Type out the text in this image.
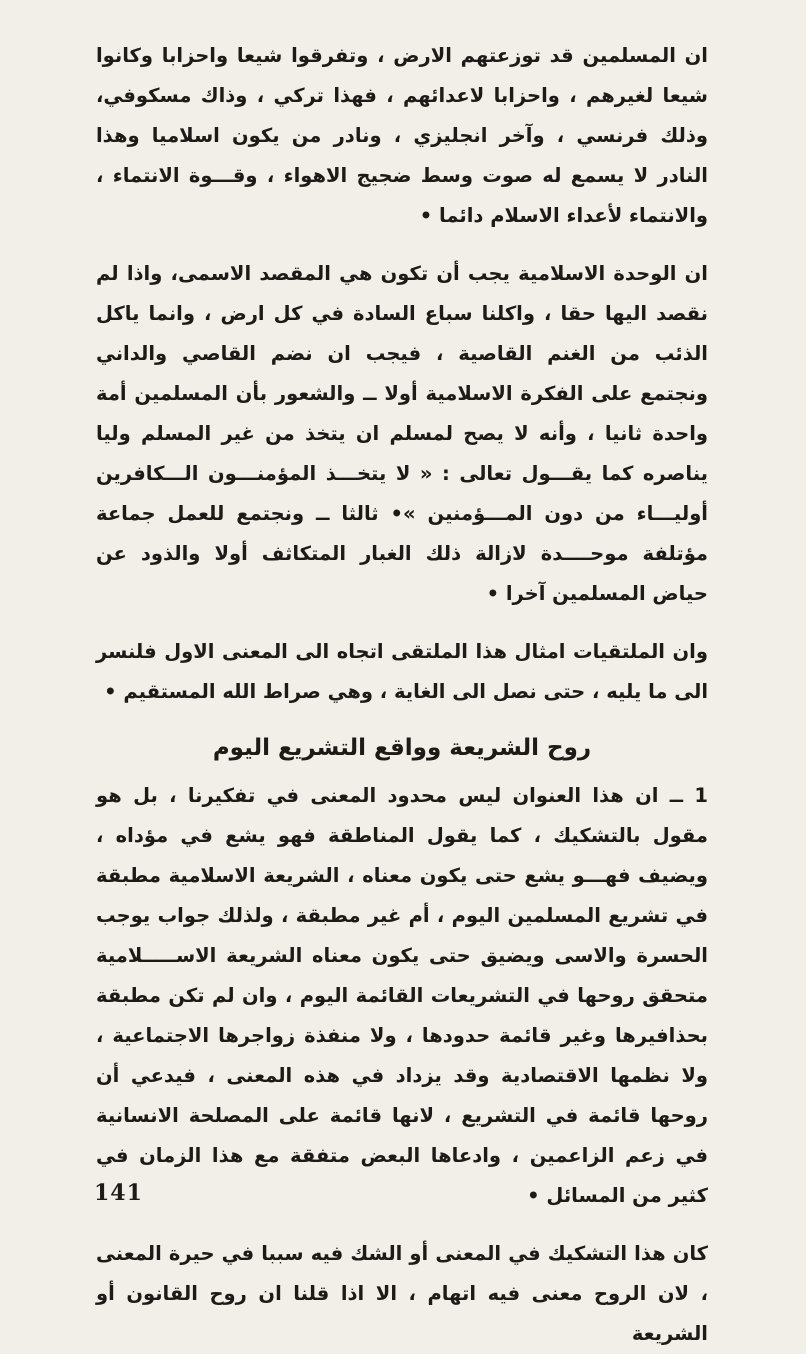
ان المسلمين قد توزعتهم الارض ، وتفرقوا شيعا واحزابا وكانوا شيعا لغيرهم ، واحزابا لاعدائهم ، فهذا تركي ، وذاك مسكوفي، وذلك فرنسي ، وآخر انجليزي ، ونادر من يكون اسلاميا وهذا النادر لا يسمع له صوت وسط ضجيج الاهواء ، وقـــوة الانتماء ، والانتماء لأعداء الاسلام دائما •

ان الوحدة الاسلامية يجب أن تكون هي المقصد الاسمى، واذا لم نقصد اليها حقا ، واكلنا سباع السادة في كل ارض ، وانما ياكل الذئب من الغنم القاصية ، فيجب ان نضم القاصي والداني ونجتمع على الفكرة الاسلامية أولا ــ والشعور بأن المسلمين أمة واحدة ثانيا ، وأنه لا يصح لمسلم ان يتخذ من غير المسلم وليا يناصره كما يقـــول تعالى : « لا يتخـــذ المؤمنـــون الـــكافرين أوليـــاء من دون المـــؤمنين »• ثالثا ــ ونجتمع للعمل جماعة مؤتلفة موحــــدة لازالة ذلك الغبار المتكاثف أولا والذود عن حياض المسلمين آخرا •

وان الملتقيات امثال هذا الملتقى اتجاه الى المعنى الاول فلنسر الى ما يليه ، حتى نصل الى الغاية ، وهي صراط الله المستقيم •

روح الشريعة وواقع التشريع اليوم

1 ــ ان هذا العنوان ليس محدود المعنى في تفكيرنا ، بل هو مقول بالتشكيك ، كما يقول المناطقة فهو يشع في مؤداه ، ويضيف فهـــو يشع حتى يكون معناه ، الشريعة الاسلامية مطبقة في تشريع المسلمين اليوم ، أم غير مطبقة ، ولذلك جواب يوجب الحسرة والاسى ويضيق حتى يكون معناه الشريعة الاســـــلامية متحقق روحها في التشريعات القائمة اليوم ، وان لم تكن مطبقة بحذافيرها وغير قائمة حدودها ، ولا منفذة زواجرها الاجتماعية ، ولا نظمها الاقتصادية وقد يزداد في هذه المعنى ، فيدعي أن روحها قائمة في التشريع ، لانها قائمة على المصلحة الانسانية في زعم الزاعمين ، وادعاها البعض متفقة مع هذا الزمان في كثير من المسائل •

كان هذا التشكيك في المعنى أو الشك فيه سببا في حيرة المعنى ، لان الروح معنى فيه اتهام ، الا اذا قلنا ان روح القانون أو الشريعة

141
